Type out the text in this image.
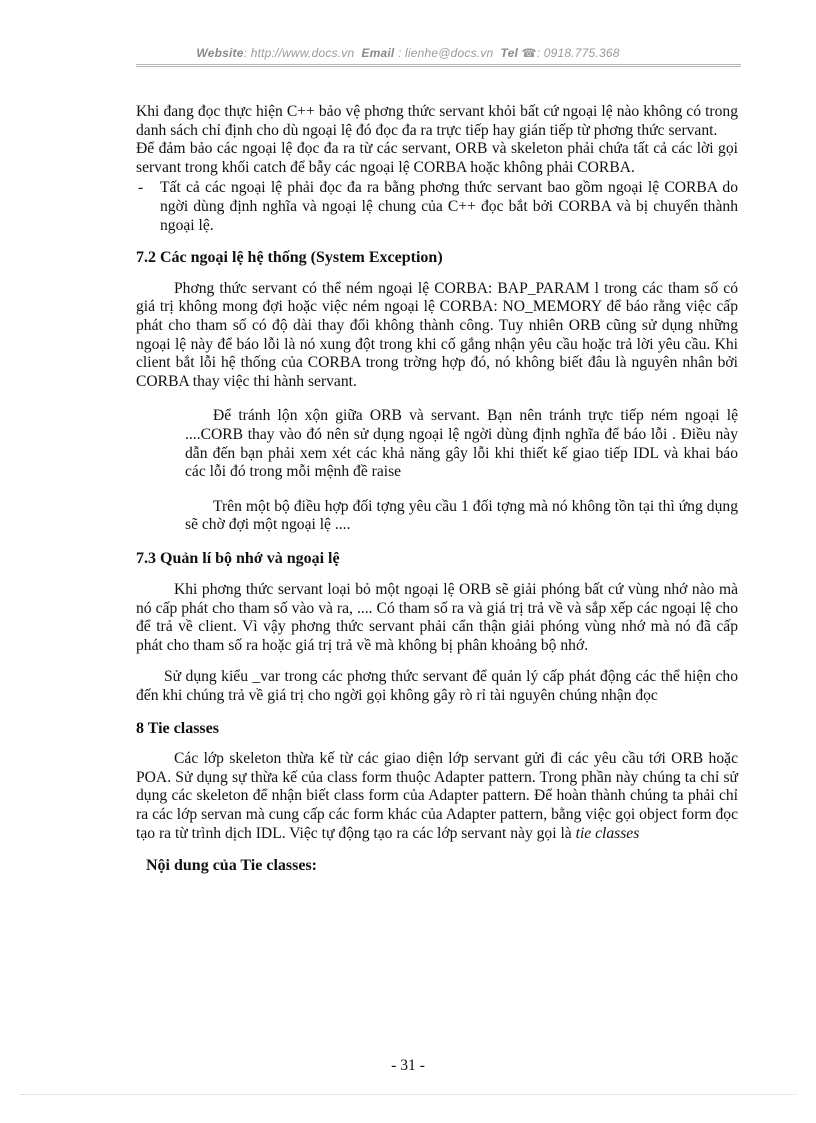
Website: http://www.docs.vn Email : lienhe@docs.vn Tel ☎: 0918.775.368

Khi đang đọc thực hiện C++ bảo vệ phơng thức servant khỏi bất cứ ngoại lệ nào không có trong danh sách chỉ định cho dù ngoại lệ đó đọc đa ra trực tiếp hay gián tiếp từ phơng thức servant.

Để đảm bảo các ngoại lệ đọc đa ra từ các servant, ORB và skeleton phải chứa tất cả các lời gọi servant trong khối catch để bẫy các ngoại lệ CORBA hoặc không phải CORBA.

- Tất cả các ngoại lệ phải đọc đa ra bằng phơng thức servant bao gồm ngoại lệ CORBA do ngời dùng định nghĩa và ngoại lệ chung của C++ đọc bắt bởi CORBA và bị chuyển thành ngoại lệ.

7.2 Các ngoại lệ hệ thống (System Exception)

Phơng thức servant có thể ném ngoại lệ CORBA: BAP_PARAM l trong các tham số có giá trị không mong đợi hoặc việc ném ngoại lệ CORBA: NO_MEMORY để báo rằng việc cấp phát cho tham số có độ dài thay đổi không thành công. Tuy nhiên ORB cũng sử dụng những ngoại lệ này để báo lỗi là nó xung đột trong khi cố gắng nhận yêu cầu hoặc trả lời yêu cầu. Khi client bắt lỗi hệ thống của CORBA trong trờng hợp đó, nó không biết đâu là nguyên nhân bởi CORBA thay việc thi hành servant.

Để tránh lộn xộn giữa ORB và servant. Bạn nên tránh trực tiếp ném ngoại lệ ....CORB thay vào đó nên sử dụng ngoại lệ ngời dùng định nghĩa để báo lỗi . Điều này dẫn đến bạn phải xem xét các khả năng gây lỗi khi thiết kế giao tiếp IDL và khai báo các lỗi đó trong mỗi mệnh đề raise

Trên một bộ điều hợp đối tợng yêu cầu 1 đối tợng mà nó không tồn tại thì ứng dụng sẽ chờ đợi một ngoại lệ ....

7.3 Quản lí bộ nhớ và ngoại lệ

Khi phơng thức servant loại bỏ một ngoại lệ ORB sẽ giải phóng bất cứ vùng nhớ nào mà nó cấp phát cho tham số vào và ra, .... Có tham số ra và giá trị trả về và sắp xếp các ngoại lệ cho để trả về client. Vì vậy phơng thức servant phải cẩn thận giải phóng vùng nhớ mà nó đã cấp phát cho tham số ra hoặc giá trị trả về mà không bị phân khoảng bộ nhớ.

Sử dụng kiểu _var trong các phơng thức servant để quản lý cấp phát động các thể hiện cho đến khi chúng trả về giá trị cho ngời gọi không gây rò rỉ tài nguyên chúng nhận đọc

8 Tie classes

Các lớp skeleton thừa kế từ các giao diện lớp servant gửi đi các yêu cầu tới ORB hoặc POA. Sử dụng sự thừa kế của class form thuộc Adapter pattern. Trong phần này chúng ta chỉ sử dụng các skeleton để nhận biết class form của Adapter pattern. Để hoàn thành chúng ta phải chỉ ra các lớp servan mà cung cấp các form khác của Adapter pattern, bằng việc gọi object form đọc tạo ra từ trình dịch IDL. Việc tự động tạo ra các lớp servant này gọi là tie classes

Nội dung của Tie classes:
- 31 -
